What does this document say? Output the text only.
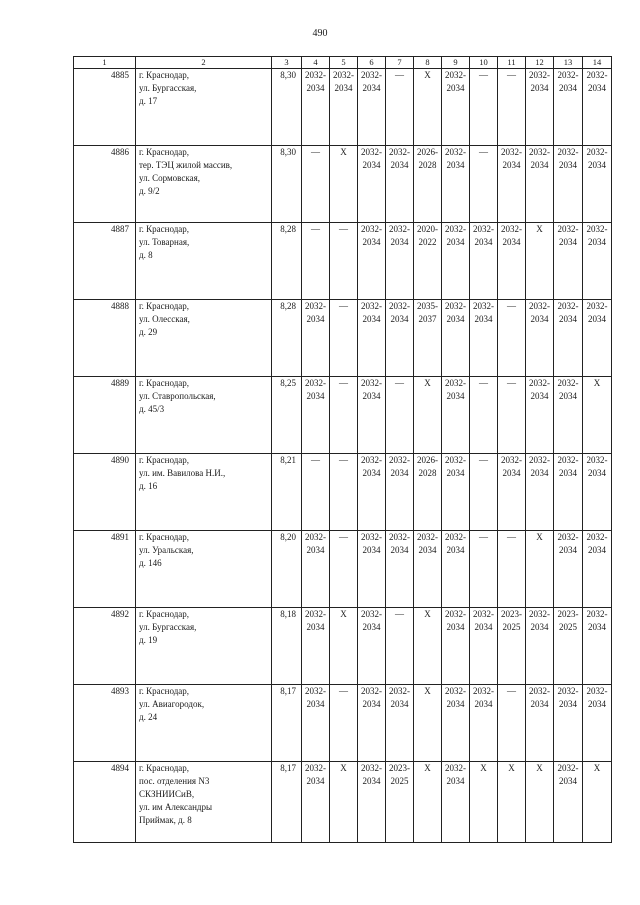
490
1	2	3	4	5	6	7	8	9	10	11	12	13	14
4885	г. Краснодар,
ул. Бургасская,
д. 17	8,30	2032-
2034	2032-
2034	2032-
2034	—	X	2032-
2034	—	—	2032-
2034	2032-
2034	2032-
2034
4886	г. Краснодар,
тер. ТЭЦ жилой массив,
ул. Сормовская,
д. 9/2	8,30	—	X	2032-
2034	2032-
2034	2026-
2028	2032-
2034	—	2032-
2034	2032-
2034	2032-
2034	2032-
2034
4887	г. Краснодар,
ул. Товарная,
д. 8	8,28	—	—	2032-
2034	2032-
2034	2020-
2022	2032-
2034	2032-
2034	2032-
2034	X	2032-
2034	2032-
2034
4888	г. Краснодар,
ул. Олесская,
д. 29	8,28	2032-
2034	—	2032-
2034	2032-
2034	2035-
2037	2032-
2034	2032-
2034	—	2032-
2034	2032-
2034	2032-
2034
4889	г. Краснодар,
ул. Ставропольская,
д. 45/3	8,25	2032-
2034	—	2032-
2034	—	X	2032-
2034	—	—	2032-
2034	2032-
2034	X
4890	г. Краснодар,
ул. им. Вавилова Н.И.,
д. 16	8,21	—	—	2032-
2034	2032-
2034	2026-
2028	2032-
2034	—	2032-
2034	2032-
2034	2032-
2034	2032-
2034
4891	г. Краснодар,
ул. Уральская,
д. 146	8,20	2032-
2034	—	2032-
2034	2032-
2034	2032-
2034	2032-
2034	—	—	X	2032-
2034	2032-
2034
4892	г. Краснодар,
ул. Бургасская,
д. 19	8,18	2032-
2034	X	2032-
2034	—	X	2032-
2034	2032-
2034	2023-
2025	2032-
2034	2023-
2025	2032-
2034
4893	г. Краснодар,
ул. Авиагородок,
д. 24	8,17	2032-
2034	—	2032-
2034	2032-
2034	X	2032-
2034	2032-
2034	—	2032-
2034	2032-
2034	2032-
2034
4894	г. Краснодар,
пос. отделения N3
СКЗНИИСиВ,
ул. им Александры
Приймак, д. 8	8,17	2032-
2034	X	2032-
2034	2023-
2025	X	2032-
2034	X	X	X	2032-
2034	X
